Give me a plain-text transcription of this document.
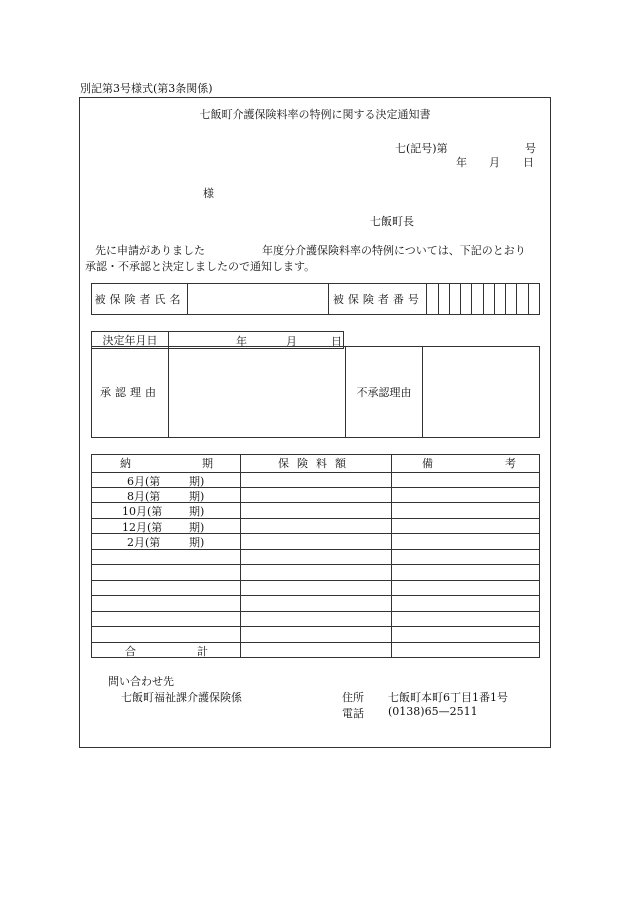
別記第3号様式(第3条関係)
七飯町介護保険料率の特例に関する決定通知書
七(記号)第	号
年 月 日
様
七飯町長
先に申請がありました	年度分介護保険料率の特例については、下記のとおり
承認・不承認と決定しましたので通知します。
被保険者氏名		被保険者番号										
決定年月日	年	月	日
承認理由		不承認理由	
納 期	保険料額	備 考

6月(第 期)		

8月(第 期)		

10月(第 期)		

12月(第 期)		

2月(第 期)		

合 計		

問い合わせ先
七飯町福祉課介護保険係	住所 七飯町本町6丁目1番1号
電話 (0138)65—2511
